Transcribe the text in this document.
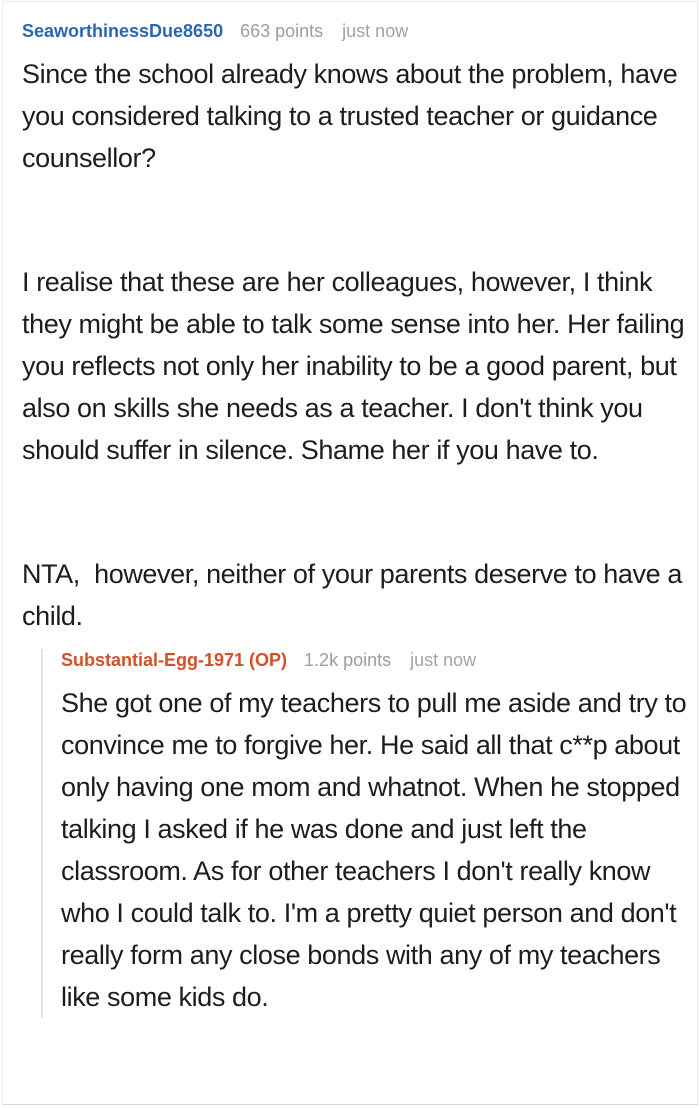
SeaworthinessDue8650 663 points just now

Since the school already knows about the problem, have you considered talking to a trusted teacher or guidance counsellor?

I realise that these are her colleagues, however, I think they might be able to talk some sense into her. Her failing you reflects not only her inability to be a good parent, but also on skills she needs as a teacher. I don't think you should suffer in silence. Shame her if you have to.

NTA,  however, neither of your parents deserve to have a child.

Substantial-Egg-1971 (OP) 1.2k points just now

She got one of my teachers to pull me aside and try to convince me to forgive her. He said all that c**p about only having one mom and whatnot. When he stopped talking I asked if he was done and just left the classroom. As for other teachers I don't really know who I could talk to. I'm a pretty quiet person and don't really form any close bonds with any of my teachers like some kids do.
